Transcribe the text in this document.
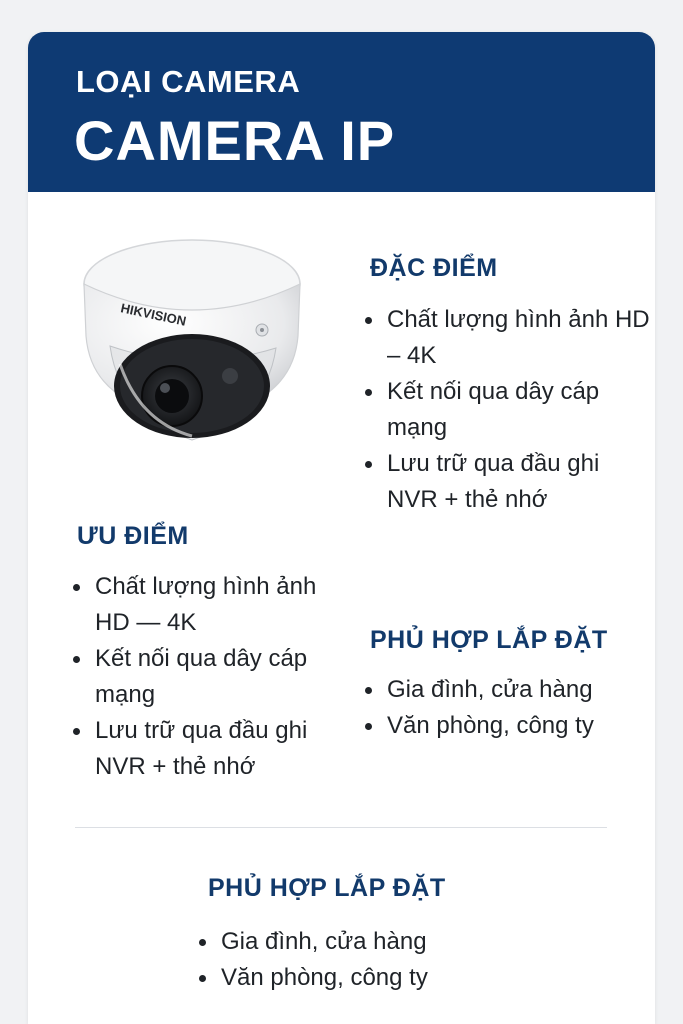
LOẠI CAMERA
CAMERA IP
HIKVISION
ĐẶC ĐIỂM
Chất lượng hình ảnh HD – 4K
Kết nối qua dây cáp mạng
Lưu trữ qua đầu ghi NVR + thẻ nhớ
ƯU ĐIỂM
Chất lượng hình ảnh HD — 4K
Kết nối qua dây cáp mạng
Lưu trữ qua đầu ghi NVR + thẻ nhớ
PHỦ HỢP LẮP ĐẶT
Gia đình, cửa hàng
Văn phòng, công ty
PHỦ HỢP LẮP ĐẶT
Gia đình, cửa hàng
Văn phòng, công ty
